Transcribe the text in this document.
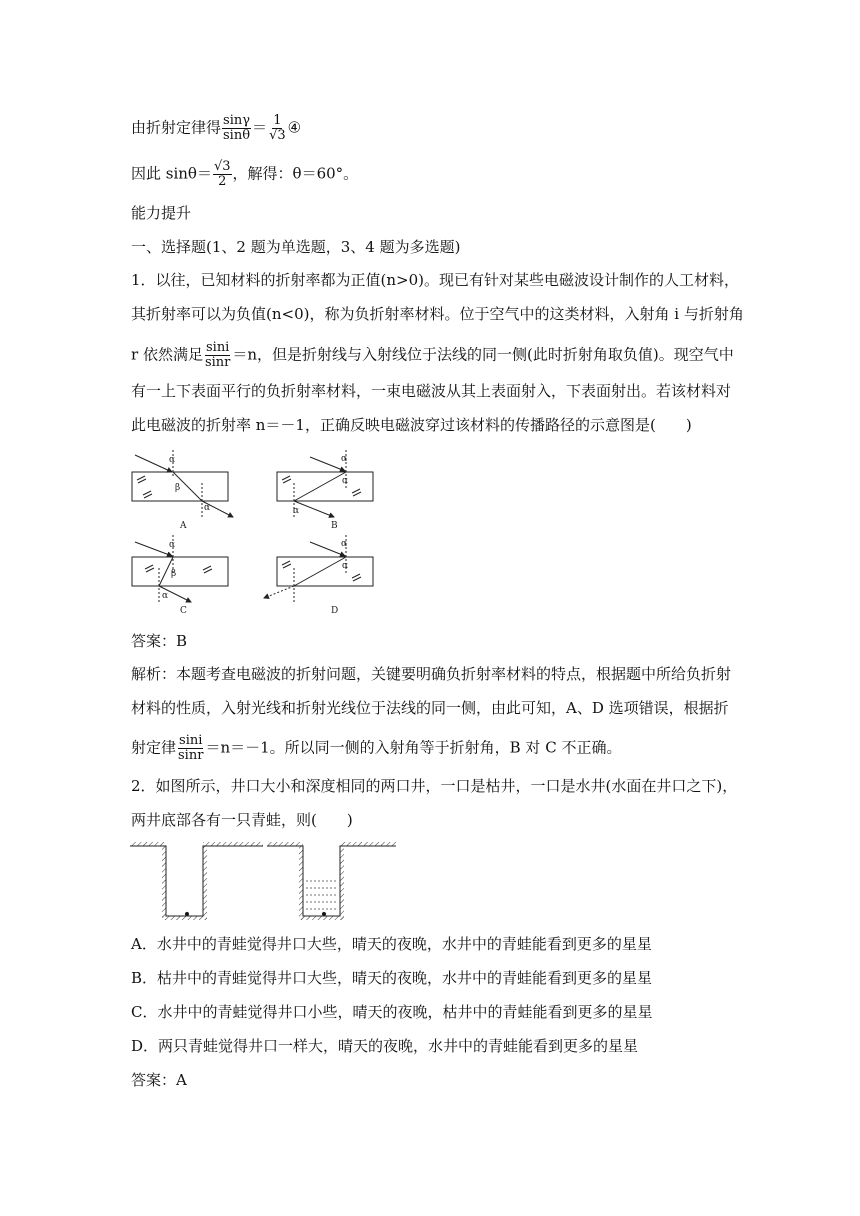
由折射定律得 $\frac{\sin\gamma}{\sin\theta} = \frac{1}{√3}$ ④
因此 $\sin\theta= \frac{√3}{2}$ ，解得：θ＝60°。
能力提升
一、选择题(1、2 题为单选题，3、4 题为多选题)
1．以往，已知材料的折射率都为正值(n>0)。现已有针对某些电磁波设计制作的人工材料，
其折射率可以为负值(n<0)，称为负折射率材料。位于空气中的这类材料，入射角 i 与折射角
r 依然满足 $\frac{\sin i}{\sin r} =n$，但是折射线与入射线位于法线的同一侧(此时折射角取负值)。现空气中
有一上下表面平行的负折射率材料，一束电磁波从其上表面射入，下表面射出。若该材料对
此电磁波的折射率 n＝－1，正确反映电磁波穿过该材料的传播路径的示意图是(　　)
A
α
β
α
B
α
α
α
C
α
β
α
D
α
α
答案：B
解析：本题考查电磁波的折射问题，关键要明确负折射率材料的特点，根据题中所给负折射
材料的性质，入射光线和折射光线位于法线的同一侧，由此可知，A、D 选项错误，根据折
射定律 $\frac{\sin i}{\sin r} =n=-1$。所以同一侧的入射角等于折射角，B 对 C 不正确。
2．如图所示，井口大小和深度相同的两口井，一口是枯井，一口是水井(水面在井口之下)，
两井底部各有一只青蛙，则(　　)
A．水井中的青蛙觉得井口大些，晴天的夜晚，水井中的青蛙能看到更多的星星
B．枯井中的青蛙觉得井口大些，晴天的夜晚，水井中的青蛙能看到更多的星星
C．水井中的青蛙觉得井口小些，晴天的夜晚，枯井中的青蛙能看到更多的星星
D．两只青蛙觉得井口一样大，晴天的夜晚，水井中的青蛙能看到更多的星星
答案：A
